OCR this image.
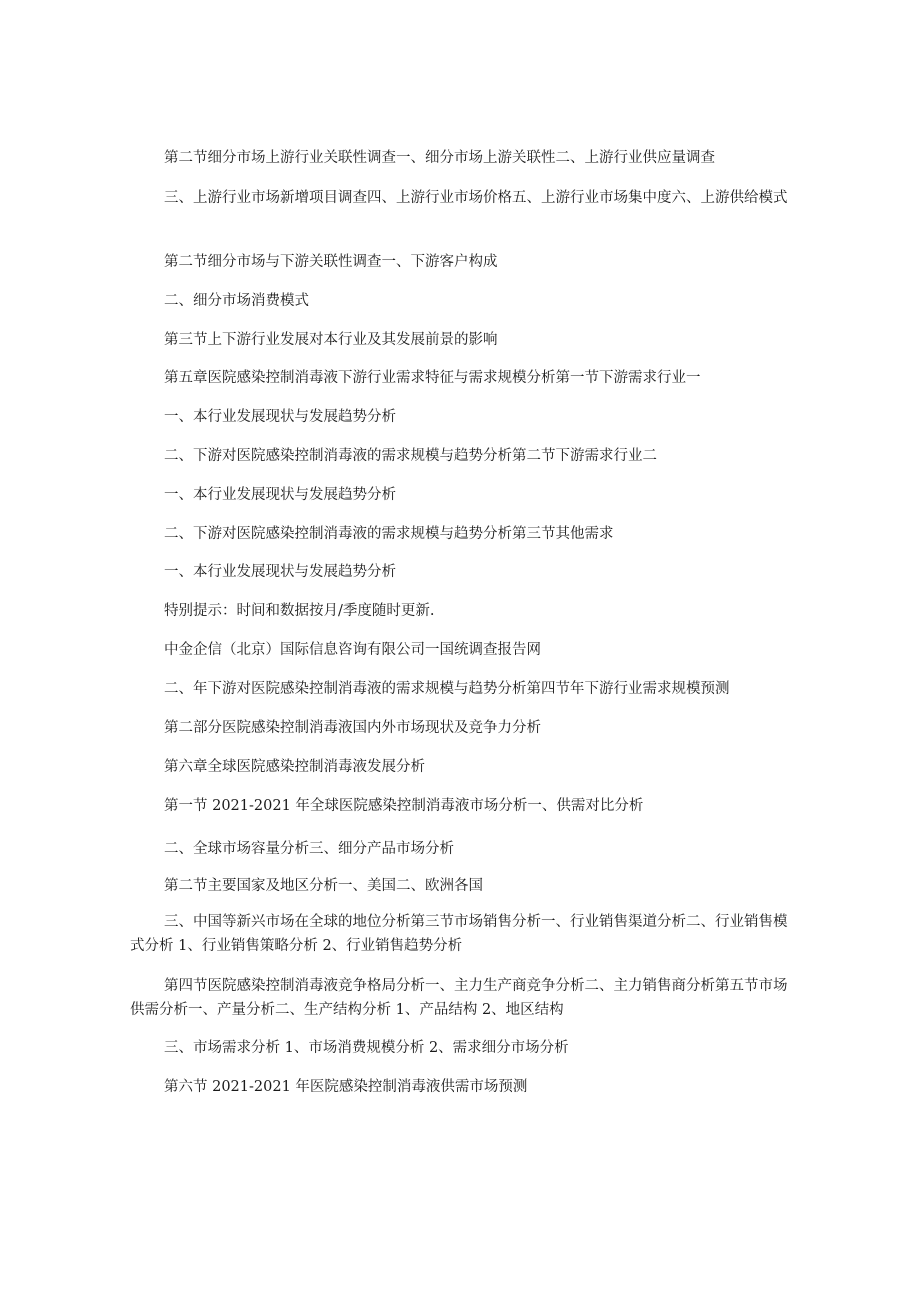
第二节细分市场上游行业关联性调查一、细分市场上游关联性二、上游行业供应量调查

三、上游行业市场新增项目调查四、上游行业市场价格五、上游行业市场集中度六、上游供给模式

第二节细分市场与下游关联性调查一、下游客户构成

二、细分市场消费模式

第三节上下游行业发展对本行业及其发展前景的影响

第五章医院感染控制消毒液下游行业需求特征与需求规模分析第一节下游需求行业一

一、本行业发展现状与发展趋势分析

二、下游对医院感染控制消毒液的需求规模与趋势分析第二节下游需求行业二

一、本行业发展现状与发展趋势分析

二、下游对医院感染控制消毒液的需求规模与趋势分析第三节其他需求

一、本行业发展现状与发展趋势分析

特别提示：时间和数据按月/季度随时更新.

中金企信（北京）国际信息咨询有限公司一国统调查报告网

二、年下游对医院感染控制消毒液的需求规模与趋势分析第四节年下游行业需求规模预测

第二部分医院感染控制消毒液国内外市场现状及竞争力分析

第六章全球医院感染控制消毒液发展分析

第一节 2021-2021 年全球医院感染控制消毒液市场分析一、供需对比分析

二、全球市场容量分析三、细分产品市场分析

第二节主要国家及地区分析一、美国二、欧洲各国

三、中国等新兴市场在全球的地位分析第三节市场销售分析一、行业销售渠道分析二、行业销售模式分析 1、行业销售策略分析 2、行业销售趋势分析

第四节医院感染控制消毒液竞争格局分析一、主力生产商竞争分析二、主力销售商分析第五节市场供需分析一、产量分析二、生产结构分析 1、产品结构 2、地区结构

三、市场需求分析 1、市场消费规模分析 2、需求细分市场分析

第六节 2021-2021 年医院感染控制消毒液供需市场预测
